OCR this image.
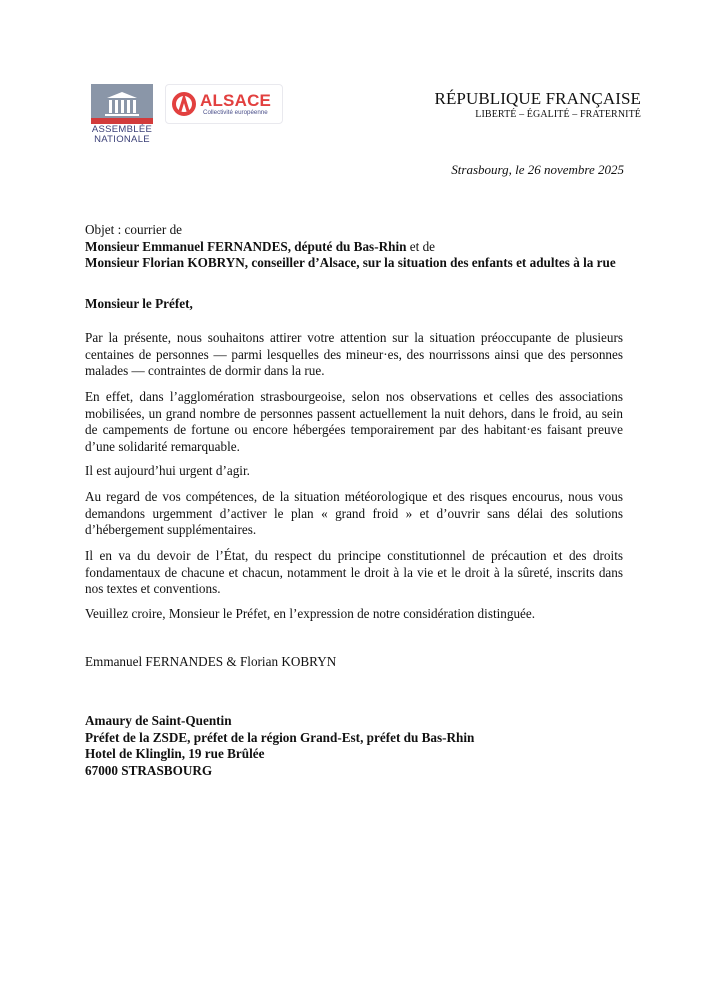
ASSEMBLÉE
NATIONALE
ALSACE
Collectivité européenne
RÉPUBLIQUE FRANÇAISE
LIBERTÉ – ÉGALITÉ – FRATERNITÉ
Strasbourg, le 26 novembre 2025
Objet : courrier de
Monsieur Emmanuel FERNANDES, député du Bas-Rhin et de
Monsieur Florian KOBRYN, conseiller d’Alsace, sur la situation des enfants et adultes à la rue
Monsieur le Préfet,
Par la présente, nous souhaitons attirer votre attention sur la situation préoccupante de plusieurs centaines de personnes — parmi lesquelles des mineur·es, des nourrissons ainsi que des personnes malades — contraintes de dormir dans la rue.
En effet, dans l’agglomération strasbourgeoise, selon nos observations et celles des associations mobilisées, un grand nombre de personnes passent actuellement la nuit dehors, dans le froid, au sein de campements de fortune ou encore hébergées temporairement par des habitant·es faisant preuve d’une solidarité remarquable.
Il est aujourd’hui urgent d’agir.
Au regard de vos compétences, de la situation météorologique et des risques encourus, nous vous demandons urgemment d’activer le plan « grand froid » et d’ouvrir sans délai des solutions d’hébergement supplémentaires.
Il en va du devoir de l’État, du respect du principe constitutionnel de précaution et des droits fondamentaux de chacune et chacun, notamment le droit à la vie et le droit à la sûreté, inscrits dans nos textes et conventions.
Veuillez croire, Monsieur le Préfet, en l’expression de notre considération distinguée.
Emmanuel FERNANDES & Florian KOBRYN
Amaury de Saint-Quentin
Préfet de la ZSDE, préfet de la région Grand-Est, préfet du Bas-Rhin
Hotel de Klinglin, 19 rue Brûlée
67000 STRASBOURG
